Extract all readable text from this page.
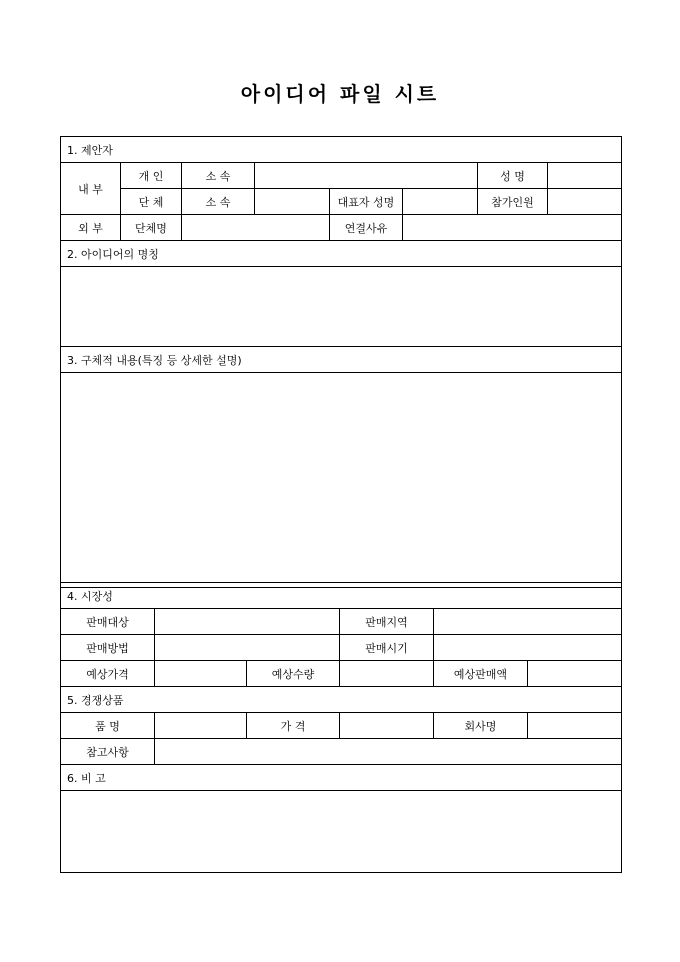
아이디어 파일 시트
1. 제안자							
내 부	개 인	소 속				성 명	
	단 체	소 속		대표자 성명		참가인원	
외 부	단체명			연결사유			
2. 아이디어의 명칭							

3. 구체적 내용(특징 등 상세한 설명)							

4. 시장성					
판매대상			판매지역		
판매방법			판매시기		
예상가격		예상수량		예상판매액	
5. 경쟁상품					
품 명		가 격		회사명	
참고사항					
6. 비 고					
